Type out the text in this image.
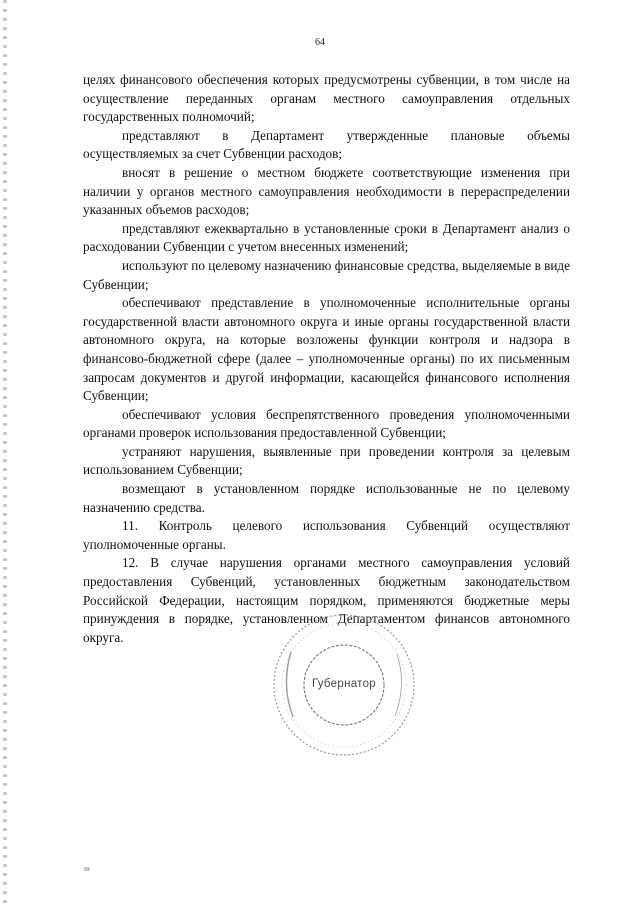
64

целях финансового обеспечения которых предусмотрены субвенции, в том числе на осуществление переданных органам местного самоуправления отдельных государственных полномочий;

представляют в Департамент утвержденные плановые объемы осуществляемых за счет Субвенции расходов;

вносят в решение о местном бюджете соответствующие изменения при наличии у органов местного самоуправления необходимости в перераспределении указанных объемов расходов;

представляют ежеквартально в установленные сроки в Департамент анализ о расходовании Субвенции с учетом внесенных изменений;

используют по целевому назначению финансовые средства, выделяемые в виде Субвенции;

обеспечивают представление в уполномоченные исполнительные органы государственной власти автономного округа и иные органы государственной власти автономного округа, на которые возложены функции контроля и надзора в финансово-бюджетной сфере (далее – уполномоченные органы) по их письменным запросам документов и другой информации, касающейся финансового исполнения Субвенции;

обеспечивают условия беспрепятственного проведения уполномоченными органами проверок использования предоставленной Субвенции;

устраняют нарушения, выявленные при проведении контроля за целевым использованием Субвенции;

возмещают в установленном порядке использованные не по целевому назначению средства.

11. Контроль целевого использования Субвенций осуществляют уполномоченные органы.

12. В случае нарушения органами местного самоуправления условий предоставления Субвенций, установленных бюджетным законодательством Российской Федерации, настоящим порядком, применяются бюджетные меры принуждения в порядке, установленном Департаментом финансов автономного округа.

Губернатор
ııı
